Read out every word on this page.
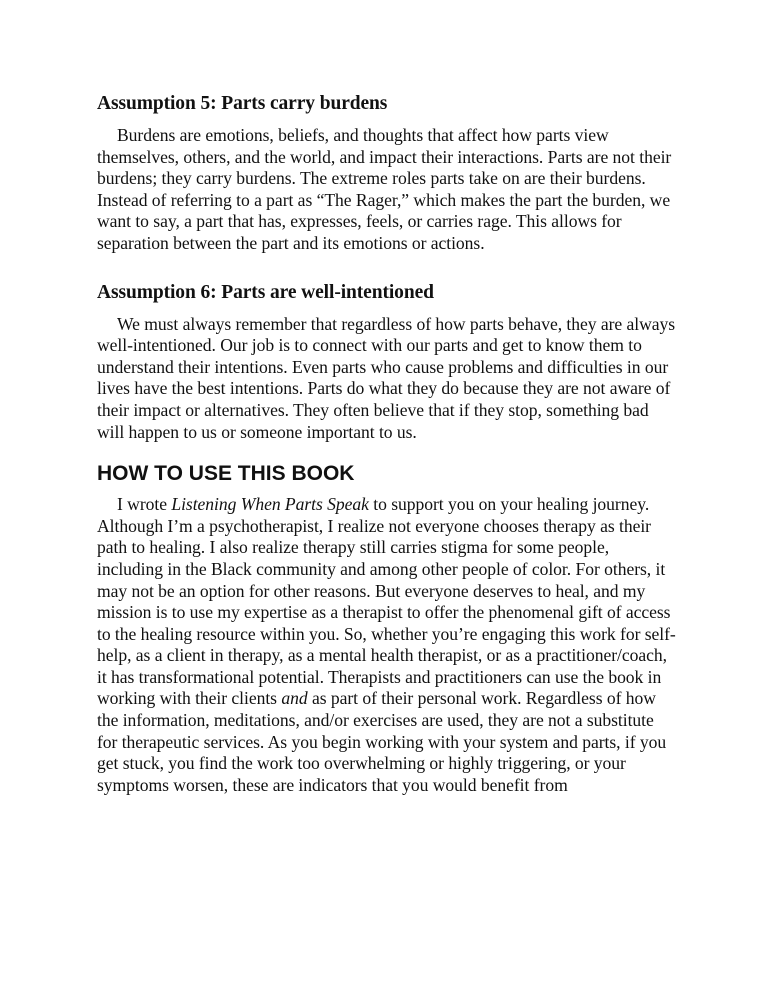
Assumption 5: Parts carry burdens

Burdens are emotions, beliefs, and thoughts that affect how parts view themselves, others, and the world, and impact their interactions. Parts are not their burdens; they carry burdens. The extreme roles parts take on are their burdens. Instead of referring to a part as “The Rager,” which makes the part the burden, we want to say, a part that has, expresses, feels, or carries rage. This allows for separation between the part and its emotions or actions.

Assumption 6: Parts are well-intentioned

We must always remember that regardless of how parts behave, they are always well-intentioned. Our job is to connect with our parts and get to know them to understand their intentions. Even parts who cause problems and difficulties in our lives have the best intentions. Parts do what they do because they are not aware of their impact or alternatives. They often believe that if they stop, something bad will happen to us or someone important to us.

HOW TO USE THIS BOOK

I wrote Listening When Parts Speak to support you on your healing journey. Although I’m a psychotherapist, I realize not everyone chooses therapy as their path to healing. I also realize therapy still carries stigma for some people, including in the Black community and among other people of color. For others, it may not be an option for other reasons. But everyone deserves to heal, and my mission is to use my expertise as a therapist to offer the phenomenal gift of access to the healing resource within you. So, whether you’re engaging this work for self-help, as a client in therapy, as a mental health therapist, or as a practitioner/coach, it has transformational potential. Therapists and practitioners can use the book in working with their clients and as part of their personal work. Regardless of how the information, meditations, and/or exercises are used, they are not a substitute for therapeutic services. As you begin working with your system and parts, if you get stuck, you find the work too overwhelming or highly triggering, or your symptoms worsen, these are indicators that you would benefit from
